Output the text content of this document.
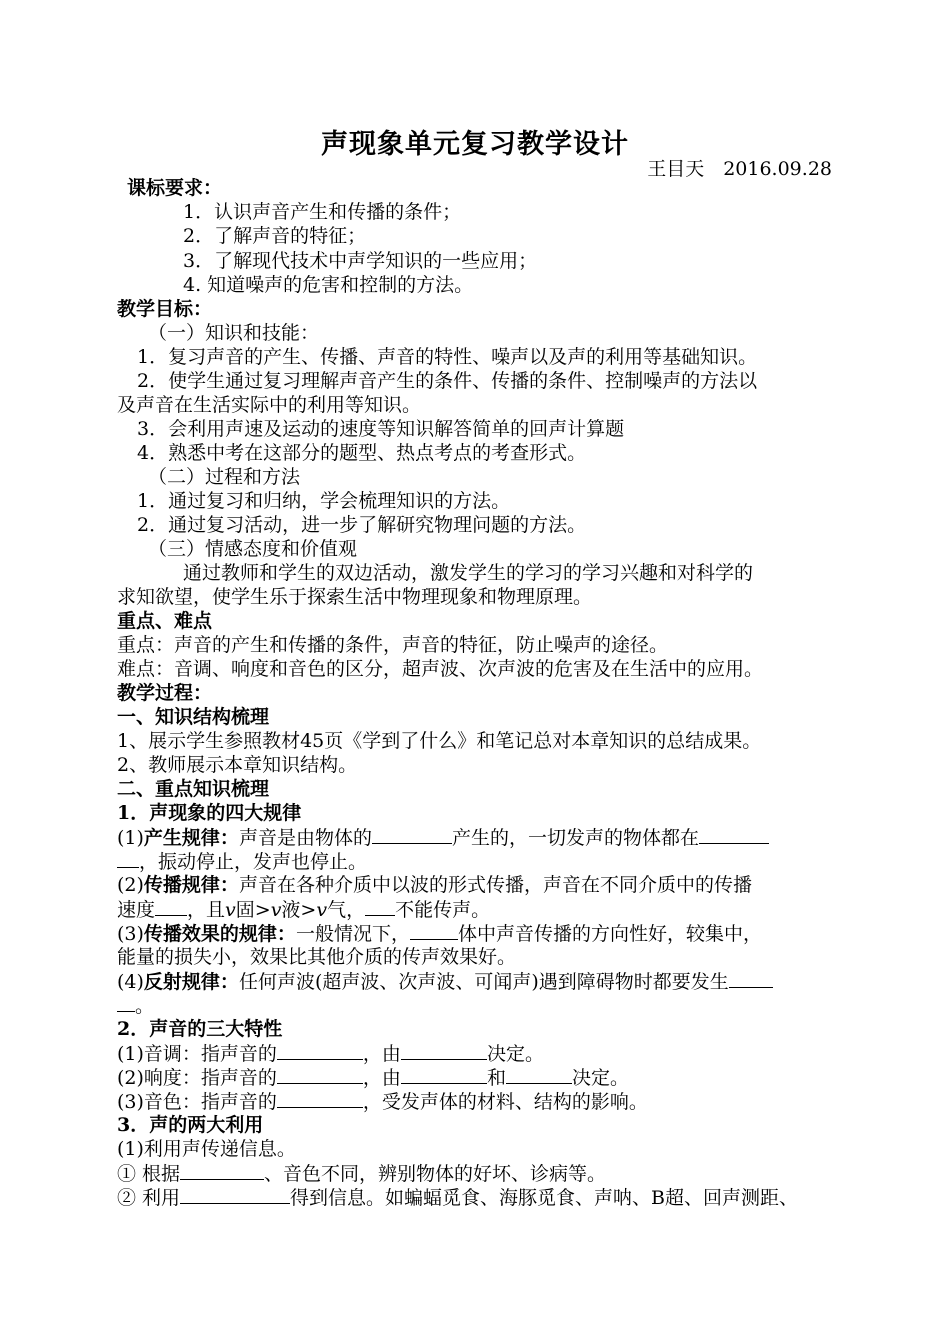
声现象单元复习教学设计
王目天　2016.09.28
课标要求：
1．认识声音产生和传播的条件；
2．了解声音的特征；
3．了解现代技术中声学知识的一些应用；
4. 知道噪声的危害和控制的方法。
教学目标：
（一）知识和技能：
1．复习声音的产生、传播、声音的特性、噪声以及声的利用等基础知识。
2．使学生通过复习理解声音产生的条件、传播的条件、控制噪声的方法以
及声音在生活实际中的利用等知识。
3．会利用声速及运动的速度等知识解答简单的回声计算题
4．熟悉中考在这部分的题型、热点考点的考查形式。
（二）过程和方法
1．通过复习和归纳，学会梳理知识的方法。
2．通过复习活动，进一步了解研究物理问题的方法。
（三）情感态度和价值观
通过教师和学生的双边活动，激发学生的学习的学习兴趣和对科学的
求知欲望，使学生乐于探索生活中物理现象和物理原理。
重点、难点
重点：声音的产生和传播的条件，声音的特征，防止噪声的途径。
难点：音调、响度和音色的区分，超声波、次声波的危害及在生活中的应用。
教学过程：
一、知识结构梳理
1、展示学生参照教材45页《学到了什么》和笔记总对本章知识的总结成果。
2、教师展示本章知识结构。
二、重点知识梳理
1．声现象的四大规律
(1)产生规律：声音是由物体的	产生的，一切发声的物体都在
，振动停止，发声也停止。
(2)传播规律：声音在各种介质中以波的形式传播，声音在不同介质中的传播
速度 ，且v固>v液>v气， 不能传声。
(3)传播效果的规律：一般情况下，	体中声音传播的方向性好，较集中，
能量的损失小，效果比其他介质的传声效果好。
(4)反射规律：任何声波(超声波、次声波、可闻声)遇到障碍物时都要发生
。
2．声音的三大特性
(1)音调：指声音的	，由	决定。
(2)响度：指声音的	，由	和	决定。
(3)音色：指声音的	，受发声体的材料、结构的影响。
3．声的两大利用
(1)利用声传递信息。
① 根据	、音色不同，辨别物体的好坏、诊病等。
② 利用	得到信息。如蝙蝠觅食、海豚觅食、声呐、B超、回声测距、
